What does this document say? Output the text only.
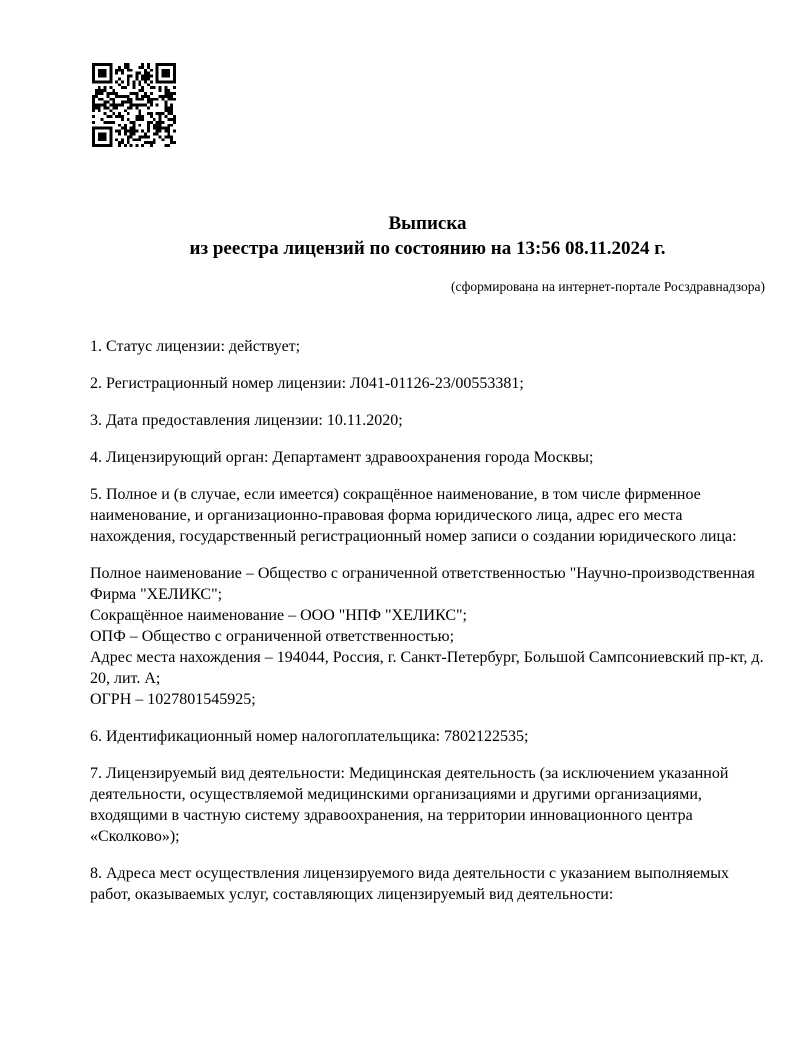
Выписка
из реестра лицензий по состоянию на 13:56 08.11.2024 г.
(сформирована на интернет-портале Росздравнадзора)

1. Статус лицензии: действует;

2. Регистрационный номер лицензии: Л041-01126-23/00553381;

3. Дата предоставления лицензии: 10.11.2020;

4. Лицензирующий орган: Департамент здравоохранения города Москвы;

5. Полное и (в случае, если имеется) сокращённое наименование, в том числе фирменное наименование, и организационно-правовая форма юридического лица, адрес его места нахождения, государственный регистрационный номер записи о создании юридического лица:

Полное наименование – Общество с ограниченной ответственностью "Научно-производственная Фирма "ХЕЛИКС";
Сокращённое наименование – ООО "НПФ "ХЕЛИКС";
ОПФ – Общество с ограниченной ответственностью;
Адрес места нахождения – 194044, Россия, г. Санкт-Петербург, Большой Сампсониевский пр-кт, д. 20, лит. А;
ОГРН – 1027801545925;

6. Идентификационный номер налогоплательщика: 7802122535;

7. Лицензируемый вид деятельности: Медицинская деятельность (за исключением указанной деятельности, осуществляемой медицинскими организациями и другими организациями, входящими в частную систему здравоохранения, на территории инновационного центра «Сколково»);

8. Адреса мест осуществления лицензируемого вида деятельности с указанием выполняемых работ, оказываемых услуг, составляющих лицензируемый вид деятельности:
